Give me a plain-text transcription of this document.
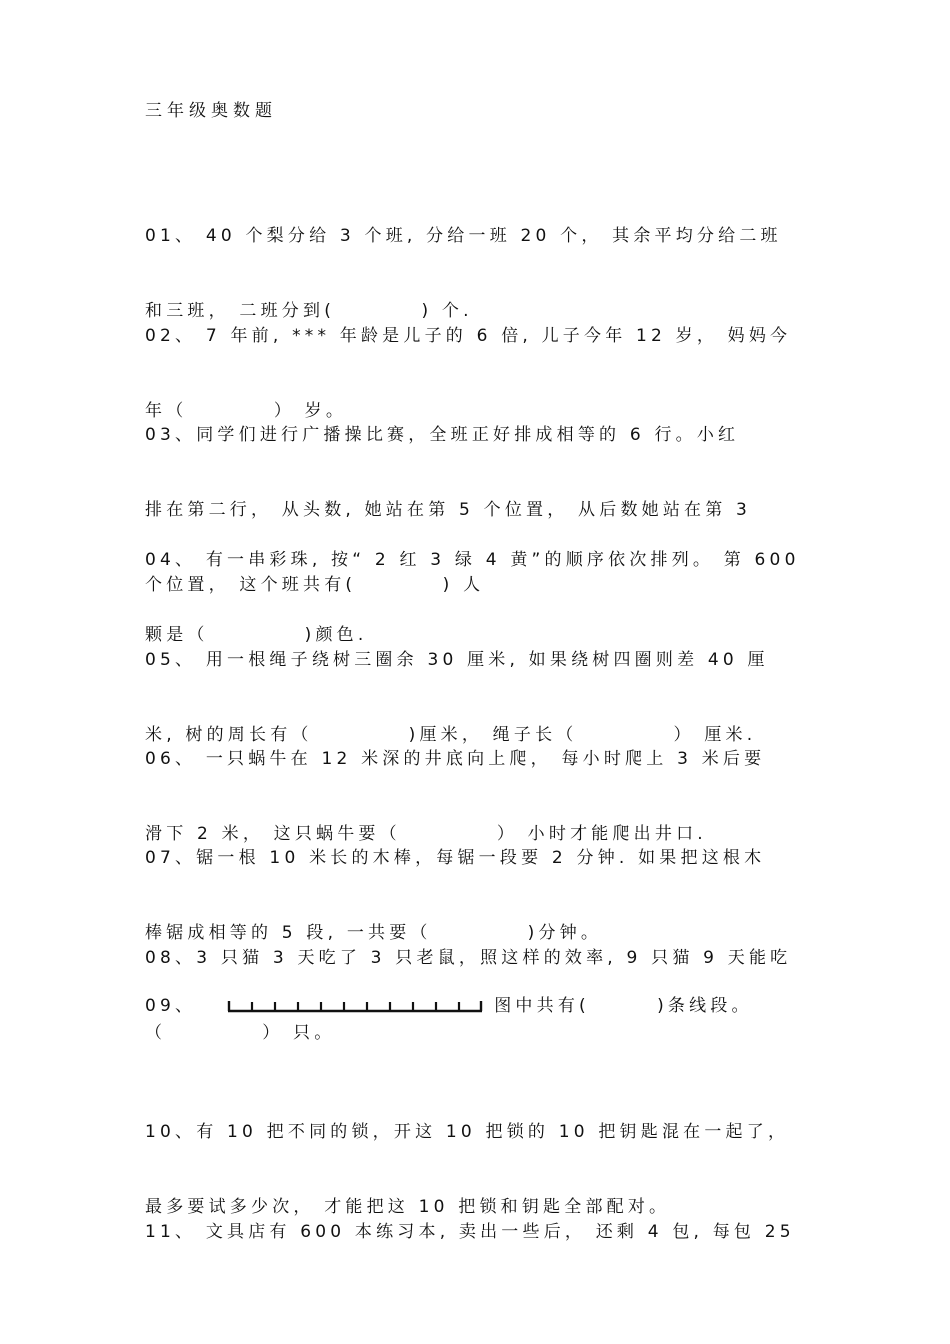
三年级奥数题

01、 40 个梨分给 3 个班, 分给一班 20 个， 其余平均分给二班

和三班， 二班分到(         ) 个.

02、 7 年前, *** 年龄是儿子的 6 倍, 儿子今年 12 岁， 妈妈今

年（         ） 岁。

03、同学们进行广播操比赛，全班正好排成相等的 6 行。小红

排在第二行， 从头数, 她站在第 5 个位置， 从后数她站在第 3

个位置， 这个班共有(         ) 人

04、 有一串彩珠, 按“ 2 红 3 绿 4 黄”的顺序依次排列。 第 600

颗是（          )颜色.

05、 用一根绳子绕树三圈余 30 厘米, 如果绕树四圈则差 40 厘

米, 树的周长有（          )厘米， 绳子长（          ） 厘米.

06、 一只蜗牛在 12 米深的井底向上爬， 每小时爬上 3 米后要

滑下 2 米， 这只蜗牛要（          ） 小时才能爬出井口.

07、锯一根 10 米长的木棒，每锯一段要 2 分钟. 如果把这根木

棒锯成相等的 5 段, 一共要（          )分钟。

08、3 只猫 3 天吃了 3 只老鼠，照这样的效率, 9 只猫 9 天能吃

（          ） 只。

09、	图中共有(       )条线段。

10、有 10 把不同的锁，开这 10 把锁的 10 把钥匙混在一起了，

最多要试多少次， 才能把这 10 把锁和钥匙全部配对。

11、 文具店有 600 本练习本, 卖出一些后， 还剩 4 包, 每包 25
